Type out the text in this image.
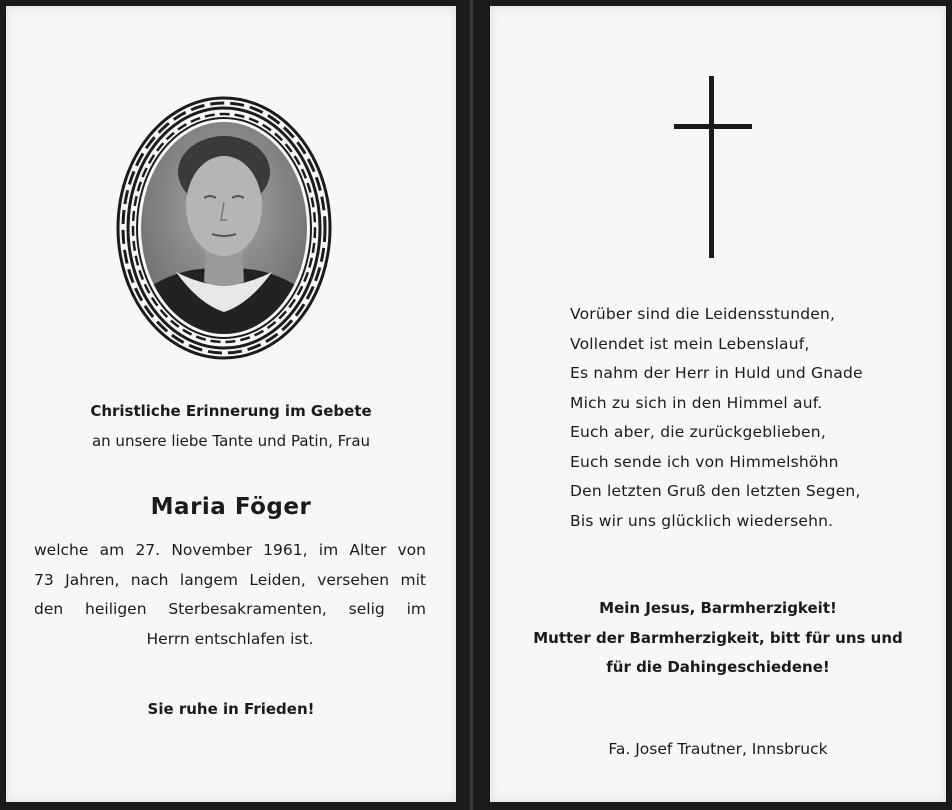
Christliche Erinnerung im Gebete
an unsere liebe Tante und Patin, Frau
Maria Föger
welche am 27. November 1961, im Alter von
73 Jahren, nach langem Leiden, versehen mit
den heiligen Sterbesakramenten, selig im
Herrn entschlafen ist.
Sie ruhe in Frieden!
Vorüber sind die Leidensstunden,
Vollendet ist mein Lebenslauf,
Es nahm der Herr in Huld und Gnade
Mich zu sich in den Himmel auf.
Euch aber, die zurückgeblieben,
Euch sende ich von Himmelshöhn
Den letzten Gruß den letzten Segen,
Bis wir uns glücklich wiedersehn.
Mein Jesus, Barmherzigkeit!
Mutter der Barmherzigkeit, bitt für uns und
für die Dahingeschiedene!
Fa. Josef Trautner, Innsbruck
